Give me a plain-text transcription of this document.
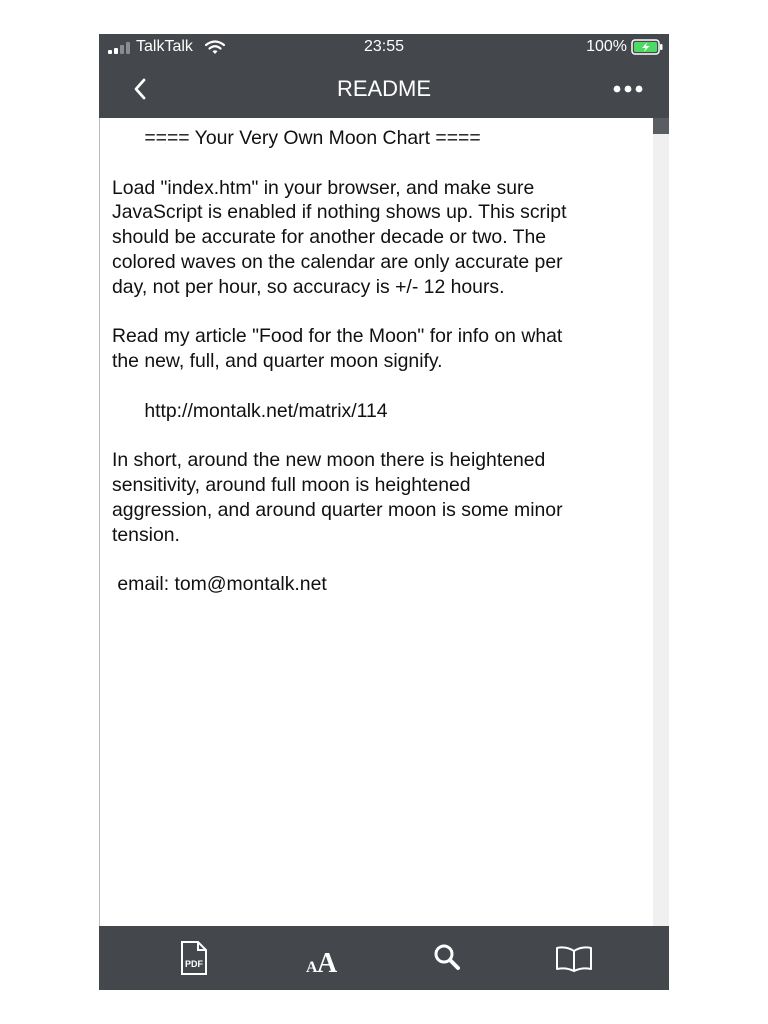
TalkTalk	23:55	100%
README
==== Your Very Own Moon Chart ====

Load "index.htm" in your browser, and make sure
JavaScript is enabled if nothing shows up. This script
should be accurate for another decade or two. The
colored waves on the calendar are only accurate per
day, not per hour, so accuracy is +/- 12 hours.

Read my article "Food for the Moon" for info on what
the new, full, and quarter moon signify.

http://montalk.net/matrix/114

In short, around the new moon there is heightened
sensitivity, around full moon is heightened
aggression, and around quarter moon is some minor
tension.

email: tom@montalk.net
PDF	A A
